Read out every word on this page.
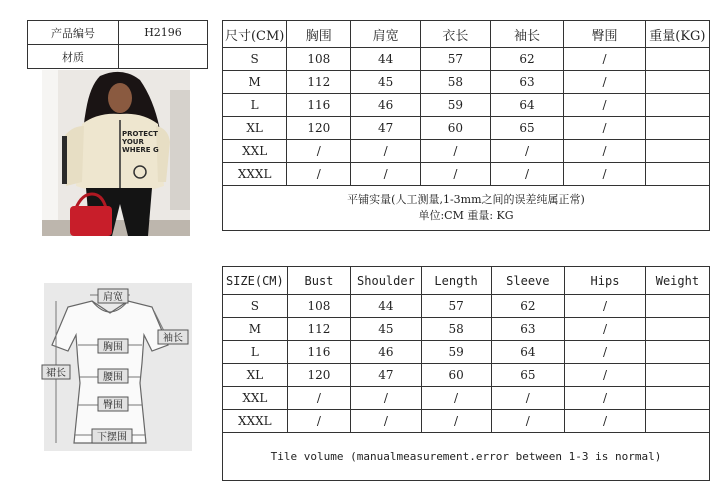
产品编号	H2196
材质	
PROTECT
YOUR
WHERE G
尺寸(CM)	胸围	肩宽	衣长	袖长	臀围	重量(KG)
S	108	44	57	62	/	
M	112	45	58	63	/	
L	116	46	59	64	/	
XL	120	47	60	65	/	
XXL	/	/	/	/	/	
XXXL	/	/	/	/	/	

平铺实量(人工测量,1-3mm之间的误差纯属正常)
单位:CM 重量: KG						
肩宽
袖长
胸围
腰围
裙长
臀围
下摆围
SIZE(CM)	Bust	Shoulder	Length	Sleeve	Hips	Weight
S	108	44	57	62	/	
M	112	45	58	63	/	
L	116	46	59	64	/	
XL	120	47	60	65	/	
XXL	/	/	/	/	/	
XXXL	/	/	/	/	/	
Tile volume (manualmeasurement.error between 1-3 is normal)						
